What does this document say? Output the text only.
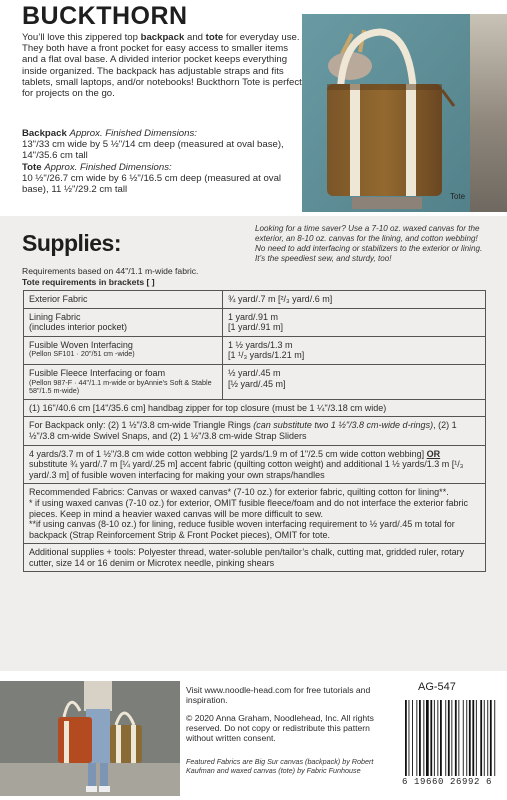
BUCKTHORN
You’ll love this zippered top backpack and tote for everyday use. They both have a front pocket for easy access to smaller items and a flat oval base. A divided interior pocket keeps everything inside organized. The backpack has adjustable straps and fits tablets, small laptops, and/or notebooks! Buckthorn Tote is perfect for projects on the go.
Backpack Approx. Finished Dimensions:
13"/33 cm wide by 5 ½"/14 cm deep (measured at oval base), 14"/35.6 cm tall
Tote Approx. Finished Dimensions:
10 ½"/26.7 cm wide by 6 ½"/16.5 cm deep (measured at oval base), 11 ½"/29.2 cm tall
Tote
Supplies:
Looking for a time saver? Use a 7-10 oz. waxed canvas for the exterior, an 8-10 oz. canvas for the lining, and cotton webbing! No need to add interfacing or stabilizers to the exterior or lining. It’s the speediest sew, and sturdy, too!
Requirements based on 44"/1.1 m-wide fabric.
Tote requirements in brackets [ ]
Exterior Fabric	¾ yard/.7 m [²/₃ yard/.6 m]
Lining Fabric
(includes interior pocket)
1 yard/.91 m
[1 yard/.91 m]
Fusible Woven Interfacing
(Pellon SF101 · 20"/51 cm -wide)
1 ½ yards/1.3 m
[1 ¹/₃ yards/1.21 m]
Fusible Fleece Interfacing or foam
(Pellon 987-F · 44"/1.1 m-wide or byAnnie’s Soft & Stable 58"/1.5 m-wide)
½ yard/.45 m
[½ yard/.45 m]
(1) 16"/40.6 cm [14"/35.6 cm] handbag zipper for top closure (must be 1 ¼"/3.18 cm wide)
For Backpack only: (2) 1 ½"/3.8 cm-wide Triangle Rings (can substitute two 1 ½"/3.8 cm-wide d-rings), (2) 1 ½"/3.8 cm-wide Swivel Snaps, and (2) 1 ½"/3.8 cm-wide Strap Sliders
4 yards/3.7 m of 1 ½"/3.8 cm wide cotton webbing [2 yards/1.9 m of 1"/2.5 cm wide cotton webbing] OR substitute ¾ yard/.7 m [¼ yard/.25 m] accent fabric (quilting cotton weight) and additional 1 ½ yards/1.3 m [¹/₃ yard/.3 m] of fusible woven interfacing for making your own straps/handles
Recommended Fabrics: Canvas or waxed canvas* (7-10 oz.) for exterior fabric, quilting cotton for lining**.
* if using waxed canvas (7-10 oz.) for exterior, OMIT fusible fleece/foam and do not interface the exterior fabric pieces. Keep in mind a heavier waxed canvas will be more difficult to sew.
**if using canvas (8-10 oz.) for lining, reduce fusible woven interfacing requirement to ½ yard/.45 m total for backpack (Strap Reinforcement Strip & Front Pocket pieces), OMIT for tote.
Additional supplies + tools: Polyester thread, water-soluble pen/tailor’s chalk, cutting mat, gridded ruler, rotary cutter, size 14 or 16 denim or Microtex needle, pinking shears
Visit www.noodle-head.com for free tutorials and inspiration.
© 2020 Anna Graham, Noodlehead, Inc. All rights reserved. Do not copy or redistribute this pattern without written consent.
Featured Fabrics are Big Sur canvas (backpack) by Robert Kaufman and waxed canvas (tote) by Fabric Funhouse
AG-547
6 19660 26992 6
